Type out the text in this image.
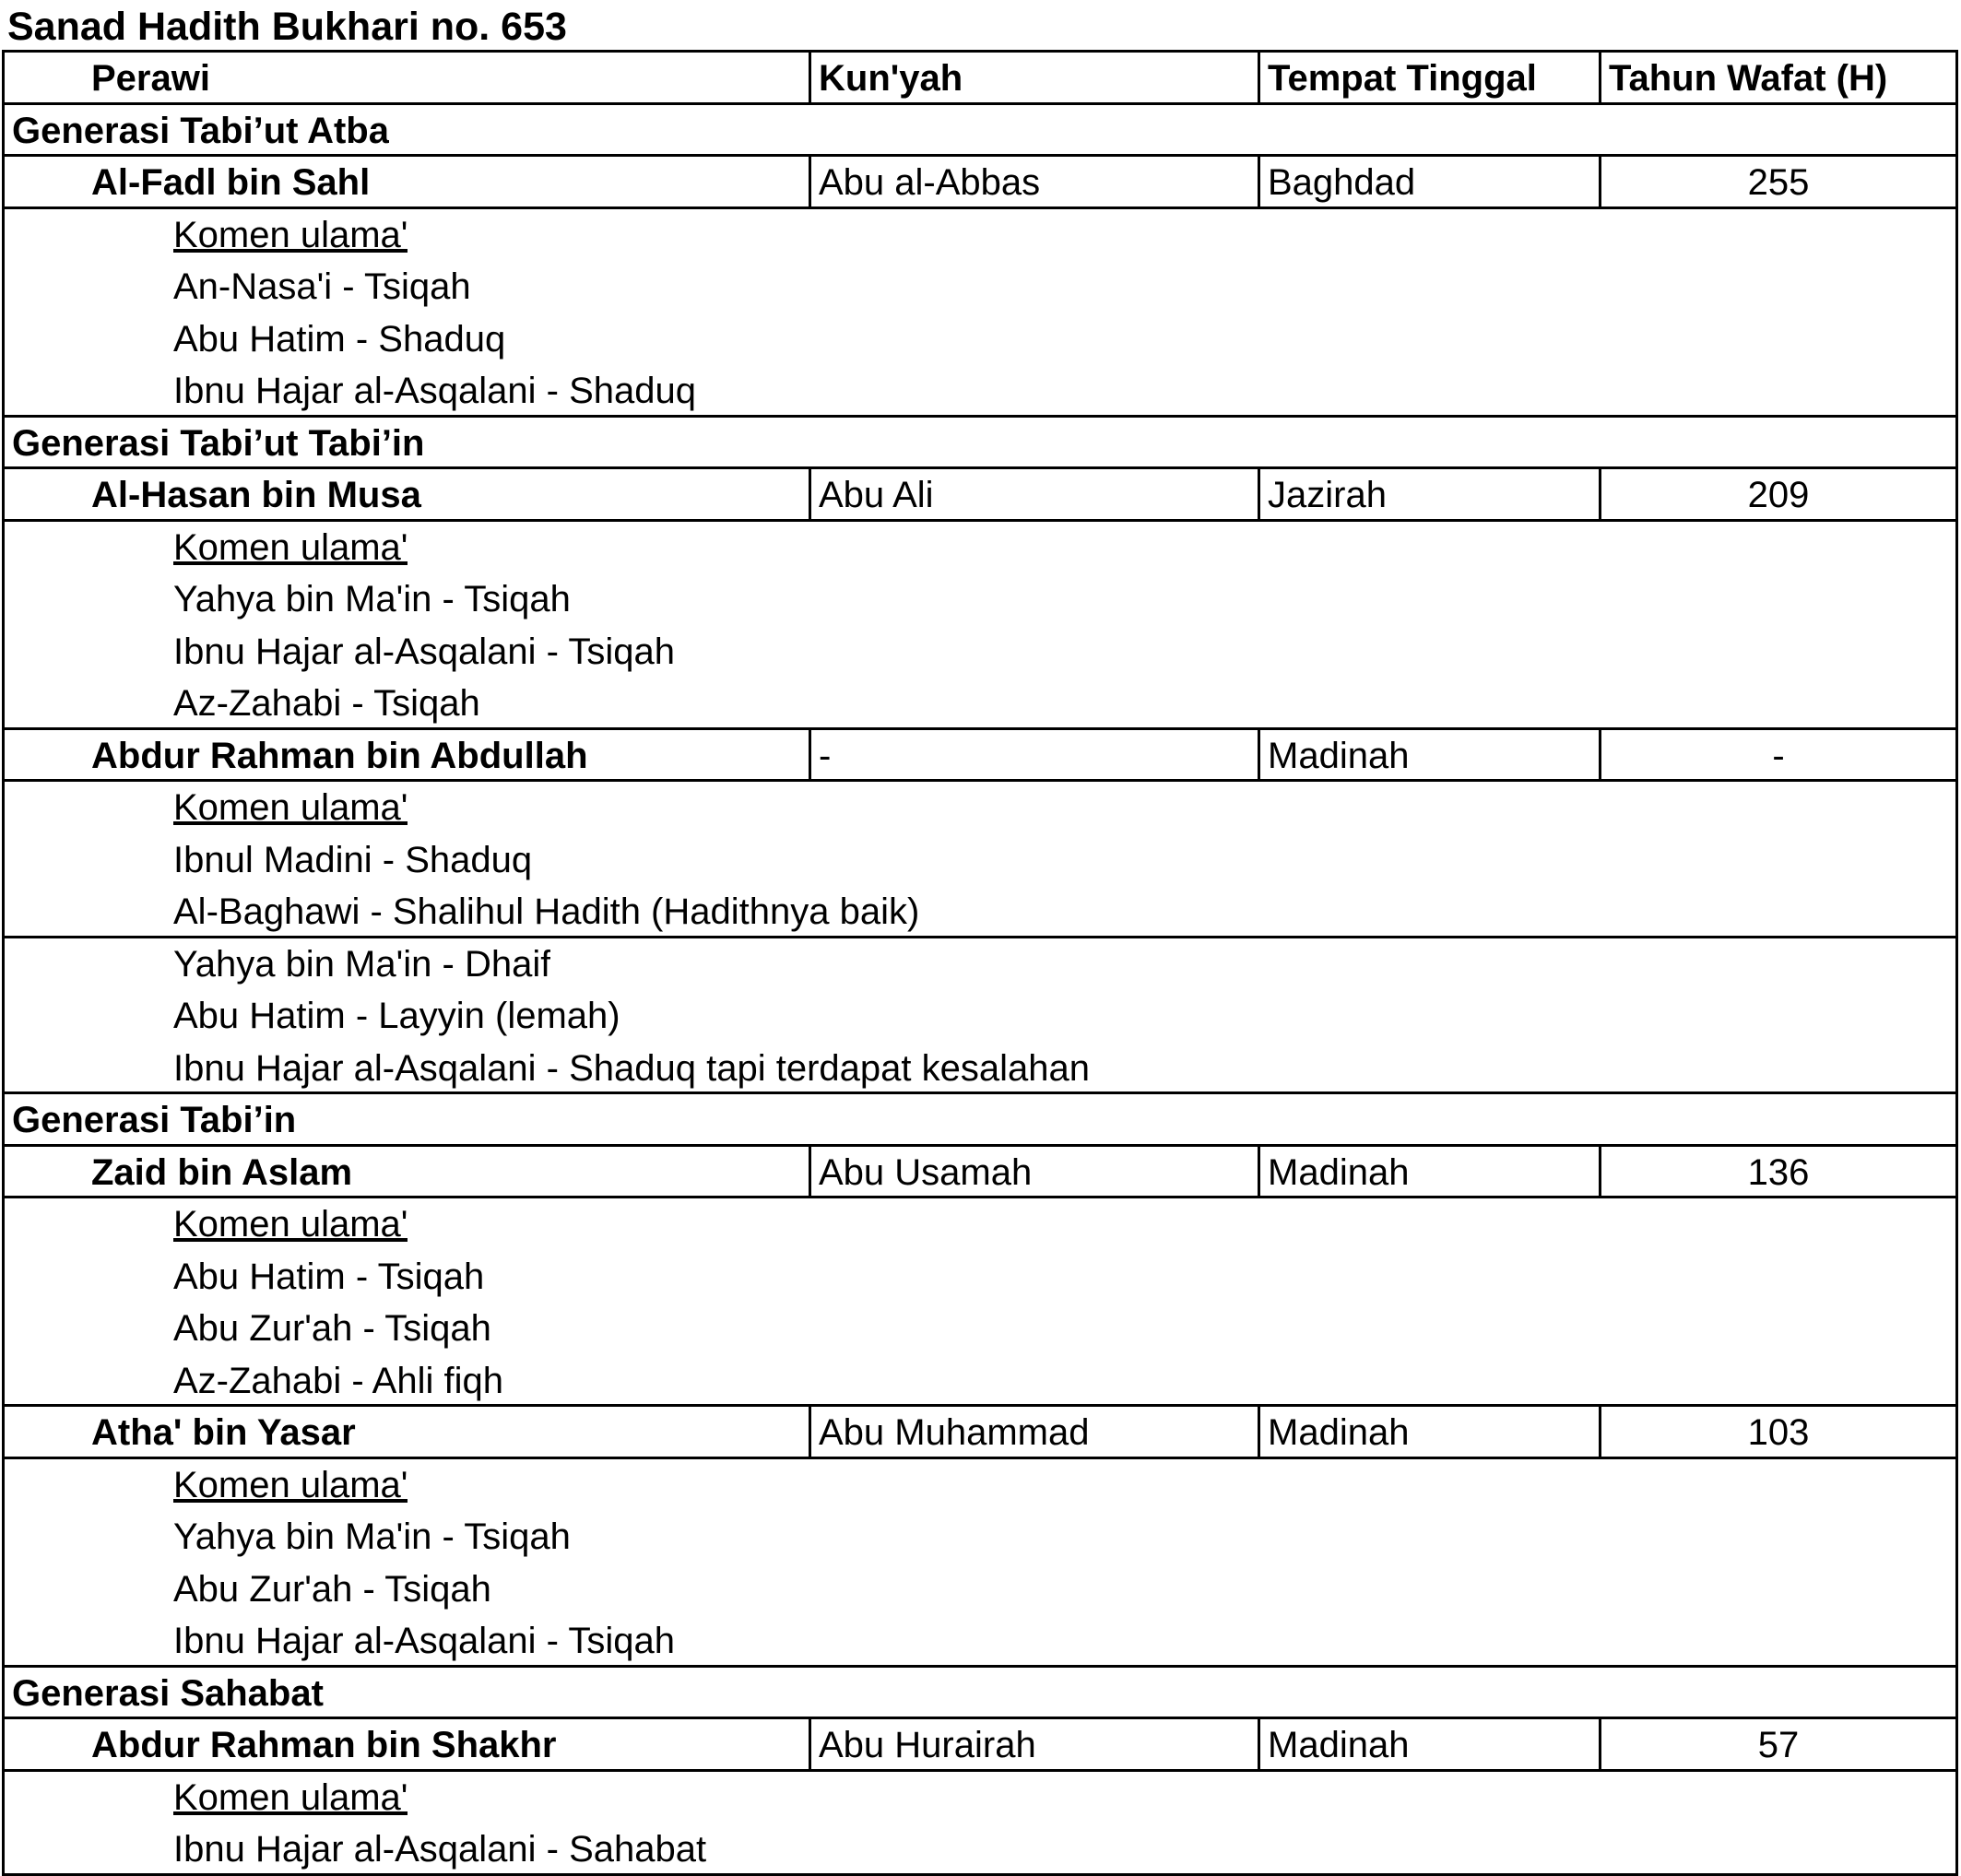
Sanad Hadith Bukhari no. 653
Perawi	Kun'yah	Tempat Tinggal	Tahun Wafat (H)
Generasi Tabi’ut Atba
Al-Fadl bin Sahl	Abu al-Abbas	Baghdad	255
Komen ulama'
An-Nasa'i - Tsiqah
Abu Hatim - Shaduq
Ibnu Hajar al-Asqalani - Shaduq
Generasi Tabi’ut Tabi’in
Al-Hasan bin Musa	Abu Ali	Jazirah	209
Komen ulama'
Yahya bin Ma'in - Tsiqah
Ibnu Hajar al-Asqalani - Tsiqah
Az-Zahabi - Tsiqah
Abdur Rahman bin Abdullah	-	Madinah	-
Komen ulama'
Ibnul Madini - Shaduq
Al-Baghawi - Shalihul Hadith (Hadithnya baik)
Yahya bin Ma'in - Dhaif
Abu Hatim - Layyin (lemah)
Ibnu Hajar al-Asqalani - Shaduq tapi terdapat kesalahan
Generasi Tabi’in
Zaid bin Aslam	Abu Usamah	Madinah	136
Komen ulama'
Abu Hatim - Tsiqah
Abu Zur'ah - Tsiqah
Az-Zahabi - Ahli fiqh
Atha' bin Yasar	Abu Muhammad	Madinah	103
Komen ulama'
Yahya bin Ma'in - Tsiqah
Abu Zur'ah - Tsiqah
Ibnu Hajar al-Asqalani - Tsiqah
Generasi Sahabat
Abdur Rahman bin Shakhr	Abu Hurairah	Madinah	57
Komen ulama'
Ibnu Hajar al-Asqalani - Sahabat
